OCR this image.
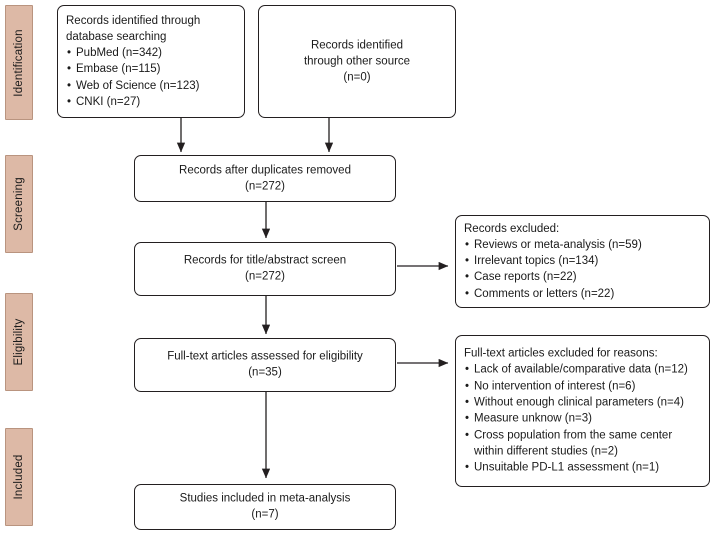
Identification
Screening
Eligibility
Included
Records identified through database searching
• PubMed (n=342)
• Embase (n=115)
• Web of Science (n=123)
• CNKI (n=27)
Records identified
through other source
(n=0)
Records after duplicates removed
(n=272)
Records for title/abstract screen
(n=272)
Records excluded:
• Reviews or meta-analysis (n=59)
• Irrelevant topics (n=134)
• Case reports (n=22)
• Comments or letters (n=22)
Full-text articles assessed for eligibility
(n=35)
Full-text articles excluded for reasons:
• Lack of available/comparative data (n=12)
• No intervention of interest (n=6)
• Without enough clinical parameters (n=4)
• Measure unknow (n=3)
• Cross population from the same center within different studies (n=2)
• Unsuitable PD-L1 assessment (n=1)
Studies included in meta-analysis
(n=7)
